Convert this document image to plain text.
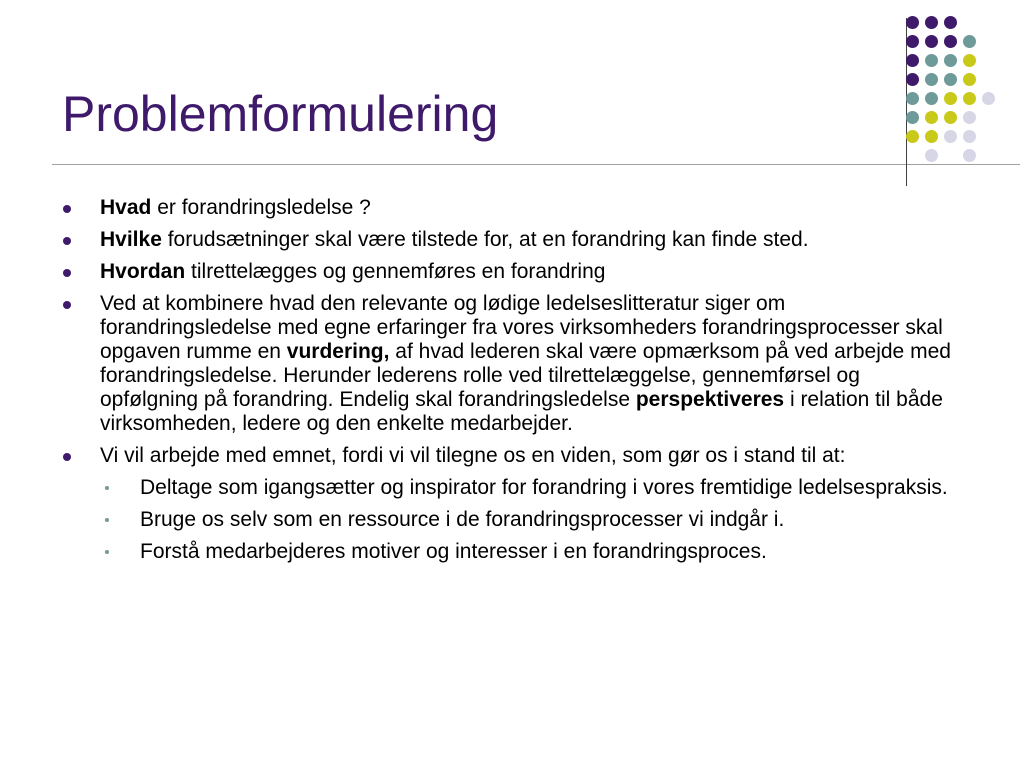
Problemformulering
Hvad er forandringsledelse ?
Hvilke forudsætninger skal være tilstede for, at en forandring kan finde sted.
Hvordan tilrettelægges og gennemføres en forandring
Ved at kombinere hvad den relevante og lødige ledelseslitteratur siger om forandringsledelse med egne erfaringer fra vores virksomheders forandringsprocesser skal opgaven rumme en vurdering, af hvad lederen skal være opmærksom på ved arbejde med forandringsledelse. Herunder lederens rolle ved tilrettelæggelse, gennemførsel og opfølgning på forandring. Endelig skal forandringsledelse perspektiveres i relation til både virksomheden, ledere og den enkelte medarbejder.
Vi vil arbejde med emnet, fordi vi vil tilegne os en viden, som gør os i stand til at:
Deltage som igangsætter og inspirator for forandring i vores fremtidige ledelsespraksis.
Bruge os selv som en ressource i de forandringsprocesser vi indgår i.
Forstå medarbejderes motiver og interesser i en forandringsproces.
